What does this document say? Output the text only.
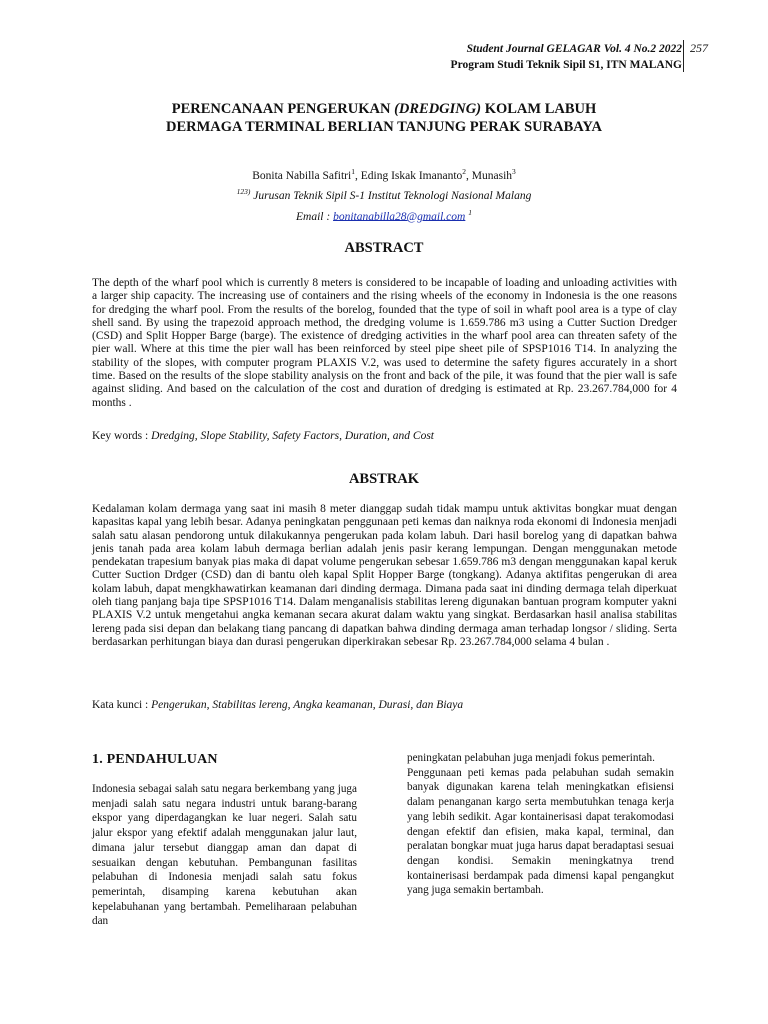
Student Journal GELAGAR Vol. 4 No.2 2022
Program Studi Teknik Sipil S1, ITN MALANG
257
PERENCANAAN PENGERUKAN (DREDGING) KOLAM LABUH
DERMAGA TERMINAL BERLIAN TANJUNG PERAK SURABAYA
Bonita Nabilla Safitri$^1$, Eding Iskak Imananto$^2$, Munasih$^3$
$^{123)}$ Jurusan Teknik Sipil S-1 Institut Teknologi Nasional Malang
Email : bonitanabilla28@gmail.com $^1$
ABSTRACT

The depth of the wharf pool which is currently 8 meters is considered to be incapable of loading and unloading activities with a larger ship capacity. The increasing use of containers and the rising wheels of the economy in Indonesia is the one reasons for dredging the wharf pool. From the results of the borelog, founded that the type of soil in whaft pool area is a type of clay shell sand. By using the trapezoid approach method, the dredging volume is 1.659.786 m3 using a Cutter Suction Dredger (CSD) and Split Hopper Barge (barge). The existence of dredging activities in the wharf pool area can threaten safety of the pier wall. Where at this time the pier wall has been reinforced by steel pipe sheet pile of SPSP1016 T14. In analyzing the stability of the slopes, with computer program PLAXIS V.2, was used to determine the safety figures accurately in a short time. Based on the results of the slope stability analysis on the front and back of the pile, it was found that the pier wall is safe against sliding. And based on the calculation of the cost and duration of dredging is estimated at Rp. 23.267.784,000 for 4 months .

Key words : Dredging, Slope Stability, Safety Factors, Duration, and Cost

ABSTRAK

Kedalaman kolam dermaga yang saat ini masih 8 meter dianggap sudah tidak mampu untuk aktivitas bongkar muat dengan kapasitas kapal yang lebih besar. Adanya peningkatan penggunaan peti kemas dan naiknya roda ekonomi di Indonesia menjadi salah satu alasan pendorong untuk dilakukannya pengerukan pada kolam labuh. Dari hasil borelog yang di dapatkan bahwa jenis tanah pada area kolam labuh dermaga berlian adalah jenis pasir kerang lempungan. Dengan menggunakan metode pendekatan trapesium banyak pias maka di dapat volume pengerukan sebesar 1.659.786 m3 dengan menggunakan kapal keruk Cutter Suction Drdger (CSD) dan di bantu oleh kapal Split Hopper Barge (tongkang). Adanya aktifitas pengerukan di area kolam labuh, dapat mengkhawatirkan keamanan dari dinding dermaga. Dimana pada saat ini dinding dermaga telah diperkuat oleh tiang panjang baja tipe SPSP1016 T14. Dalam menganalisis stabilitas lereng digunakan bantuan program komputer yakni PLAXIS V.2 untuk mengetahui angka kemanan secara akurat dalam waktu yang singkat. Berdasarkan hasil analisa stabilitas lereng pada sisi depan dan belakang tiang pancang di dapatkan bahwa dinding dermaga aman terhadap longsor / sliding. Serta berdasarkan perhitungan biaya dan durasi pengerukan diperkirakan sebesar Rp. 23.267.784,000 selama 4 bulan .

Kata kunci : Pengerukan, Stabilitas lereng, Angka keamanan, Durasi, dan Biaya

1. PENDAHULUAN

Indonesia sebagai salah satu negara berkembang yang juga menjadi salah satu negara industri untuk barang-barang ekspor yang diperdagangkan ke luar negeri. Salah satu jalur ekspor yang efektif adalah menggunakan jalur laut, dimana jalur tersebut dianggap aman dan dapat di sesuaikan dengan kebutuhan. Pembangunan fasilitas pelabuhan di Indonesia menjadi salah satu fokus pemerintah, disamping karena kebutuhan akan kepelabuhanan yang bertambah. Pemeliharaan pelabuhan dan

peningkatan pelabuhan juga menjadi fokus pemerintah.

Penggunaan peti kemas pada pelabuhan sudah semakin banyak digunakan karena telah meningkatkan efisiensi dalam penanganan kargo serta membutuhkan tenaga kerja yang lebih sedikit. Agar kontainerisasi dapat terakomodasi dengan efektif dan efisien, maka kapal, terminal, dan peralatan bongkar muat juga harus dapat beradaptasi sesuai dengan kondisi. Semakin meningkatnya trend kontainerisasi berdampak pada dimensi kapal pengangkut yang juga semakin bertambah.
